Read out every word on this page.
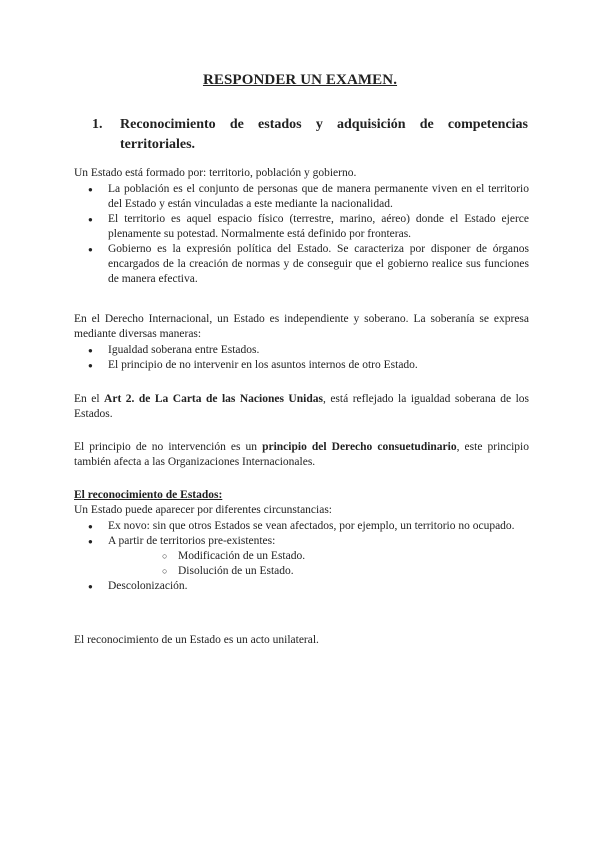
RESPONDER UN EXAMEN.
1. Reconocimiento de estados y adquisición de competencias
territoriales.
Un Estado está formado por: territorio, población y gobierno.
● La población es el conjunto de personas que de manera permanente viven en el territorio del Estado y están vinculadas a este mediante la nacionalidad.
● El territorio es aquel espacio físico (terrestre, marino, aéreo) donde el Estado ejerce plenamente su potestad. Normalmente está definido por fronteras.
● Gobierno es la expresión política del Estado. Se caracteriza por disponer de órganos encargados de la creación de normas y de conseguir que el gobierno realice sus funciones de manera efectiva.
En el Derecho Internacional, un Estado es independiente y soberano. La soberanía se expresa mediante diversas maneras:
● Igualdad soberana entre Estados.
● El principio de no intervenir en los asuntos internos de otro Estado.
En el Art 2. de La Carta de las Naciones Unidas, está reflejado la igualdad soberana de los Estados.
El principio de no intervención es un principio del Derecho consuetudinario, este principio también afecta a las Organizaciones Internacionales.
El reconocimiento de Estados:
Un Estado puede aparecer por diferentes circunstancias:
● Ex novo: sin que otros Estados se vean afectados, por ejemplo, un territorio no ocupado.
● A partir de territorios pre-existentes:
○ Modificación de un Estado.
○ Disolución de un Estado.
● Descolonización.
El reconocimiento de un Estado es un acto unilateral.
